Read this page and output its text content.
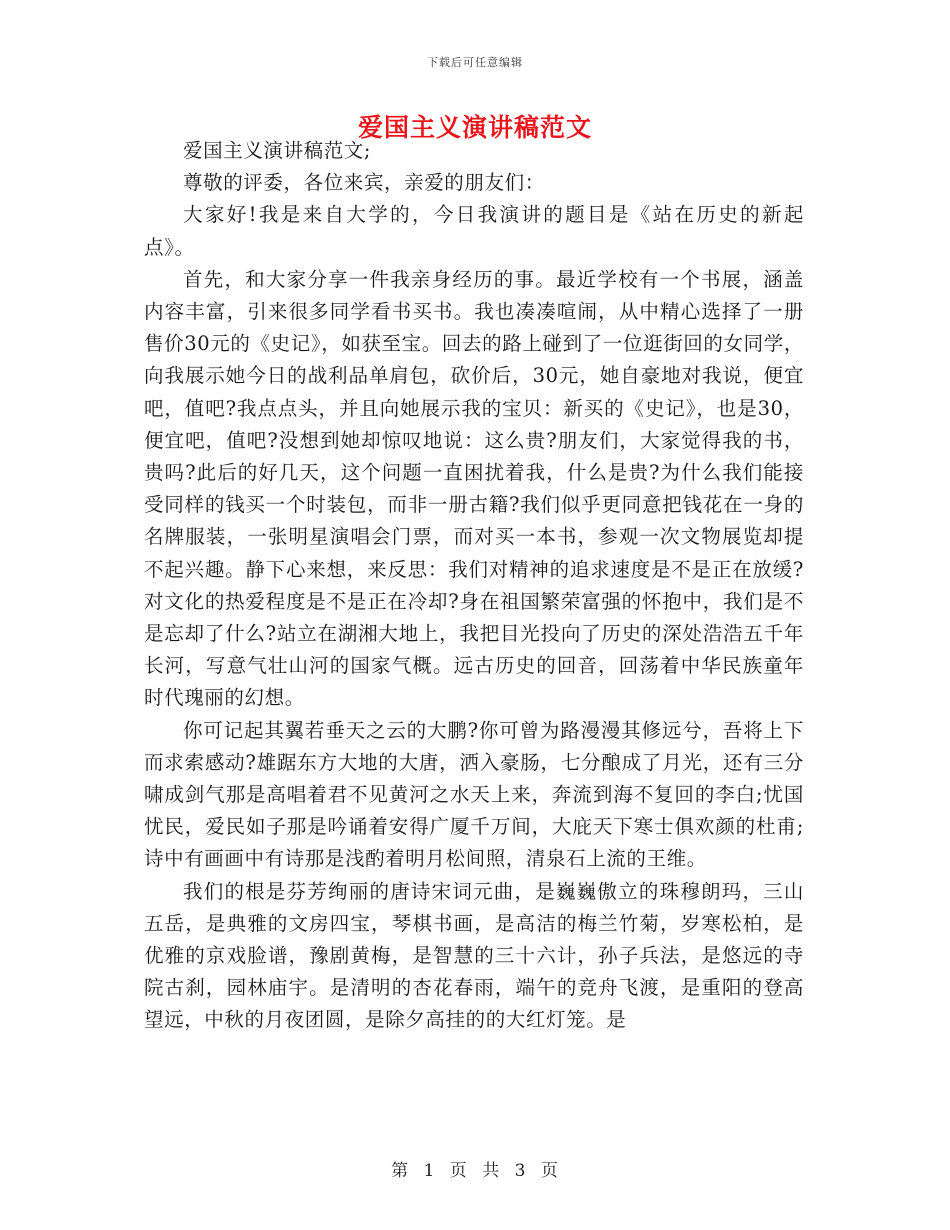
下载后可任意编辑
爱国主义演讲稿范文

爱国主义演讲稿范文;

尊敬的评委，各位来宾，亲爱的朋友们：

大家好!我是来自大学的，今日我演讲的题目是《站在历史的新起点》。

首先，和大家分享一件我亲身经历的事。最近学校有一个书展，涵盖内容丰富，引来很多同学看书买书。我也凑凑喧闹，从中精心选择了一册售价30元的《史记》，如获至宝。回去的路上碰到了一位逛街回的女同学，向我展示她今日的战利品单肩包，砍价后，30元，她自豪地对我说，便宜吧，值吧?我点点头，并且向她展示我的宝贝：新买的《史记》，也是30，便宜吧，值吧?没想到她却惊叹地说：这么贵?朋友们，大家觉得我的书，贵吗?此后的好几天，这个问题一直困扰着我，什么是贵?为什么我们能接受同样的钱买一个时装包，而非一册古籍?我们似乎更同意把钱花在一身的名牌服装，一张明星演唱会门票，而对买一本书，参观一次文物展览却提不起兴趣。静下心来想，来反思：我们对精神的追求速度是不是正在放缓?对文化的热爱程度是不是正在冷却?身在祖国繁荣富强的怀抱中，我们是不是忘却了什么?站立在湖湘大地上，我把目光投向了历史的深处浩浩五千年长河，写意气壮山河的国家气概。远古历史的回音，回荡着中华民族童年时代瑰丽的幻想。

你可记起其翼若垂天之云的大鹏?你可曾为路漫漫其修远兮，吾将上下而求索感动?雄踞东方大地的大唐，洒入豪肠，七分酿成了月光，还有三分啸成剑气那是高唱着君不见黄河之水天上来，奔流到海不复回的李白;忧国忧民，爱民如子那是吟诵着安得广厦千万间，大庇天下寒士俱欢颜的杜甫;诗中有画画中有诗那是浅酌着明月松间照，清泉石上流的王维。

我们的根是芬芳绚丽的唐诗宋词元曲，是巍巍傲立的珠穆朗玛，三山五岳，是典雅的文房四宝，琴棋书画，是高洁的梅兰竹菊，岁寒松柏，是优雅的京戏脸谱，豫剧黄梅，是智慧的三十六计，孙子兵法，是悠远的寺院古刹，园林庙宇。是清明的杏花春雨，端午的竞舟飞渡，是重阳的登高望远，中秋的月夜团圆，是除夕高挂的的大红灯笼。是

第 1 页 共 3 页
